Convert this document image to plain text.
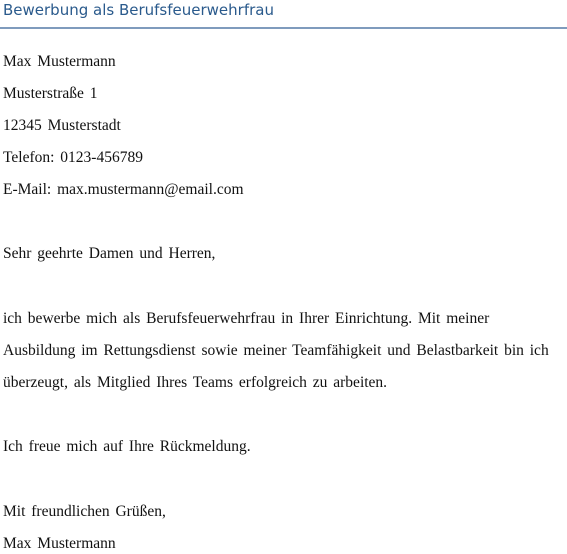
Bewerbung als Berufsfeuerwehrfrau
Max Mustermann
Musterstraße 1
12345 Musterstadt
Telefon: 0123-456789
E-Mail: max.mustermann@email.com
Sehr geehrte Damen und Herren,
ich bewerbe mich als Berufsfeuerwehrfrau in Ihrer Einrichtung. Mit meiner
Ausbildung im Rettungsdienst sowie meiner Teamfähigkeit und Belastbarkeit bin ich
überzeugt, als Mitglied Ihres Teams erfolgreich zu arbeiten.
Ich freue mich auf Ihre Rückmeldung.
Mit freundlichen Grüßen,
Max Mustermann
